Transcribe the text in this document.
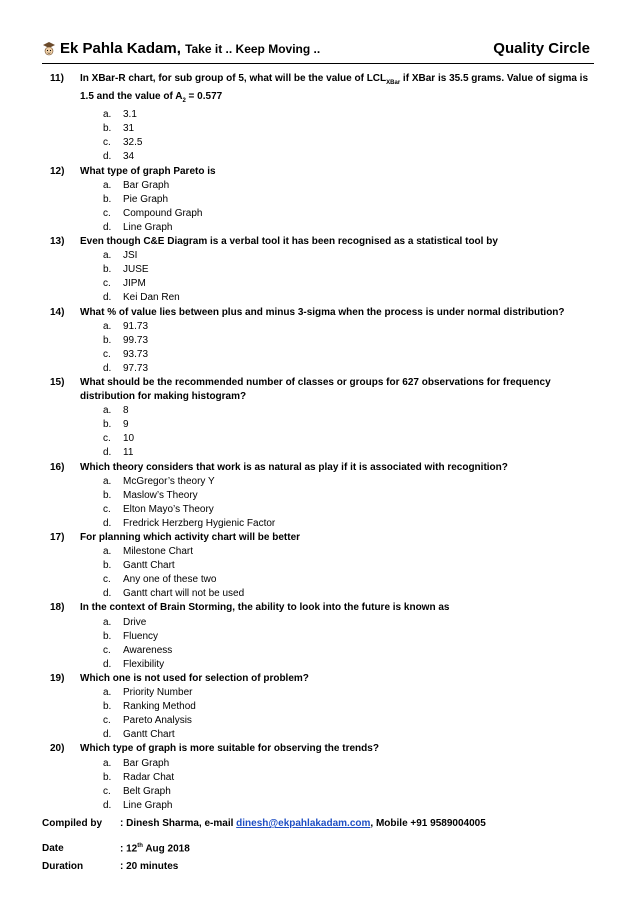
Ek Pahla Kadam, Take it .. Keep Moving ..	Quality Circle
11) In XBar-R chart, for sub group of 5, what will be the value of $LCL_{XBar}$ if XBar is 35.5 grams. Value of sigma is 1.5 and the value of $A_2 = 0.577$
a. 3.1
b. 31
c. 32.5
d. 34
12) What type of graph Pareto is
a. Bar Graph
b. Pie Graph
c. Compound Graph
d. Line Graph
13) Even though C&E Diagram is a verbal tool it has been recognised as a statistical tool by
a. JSI
b. JUSE
c. JIPM
d. Kei Dan Ren
14) What % of value lies between plus and minus 3-sigma when the process is under normal distribution?
a. 91.73
b. 99.73
c. 93.73
d. 97.73
15) What should be the recommended number of classes or groups for 627 observations for frequency distribution for making histogram?
a. 8
b. 9
c. 10
d. 11
16) Which theory considers that work is as natural as play if it is associated with recognition?
a. McGregor’s theory Y
b. Maslow’s Theory
c. Elton Mayo’s Theory
d. Fredrick Herzberg Hygienic Factor
17) For planning which activity chart will be better
a. Milestone Chart
b. Gantt Chart
c. Any one of these two
d. Gantt chart will not be used
18) In the context of Brain Storming, the ability to look into the future is known as
a. Drive
b. Fluency
c. Awareness
d. Flexibility
19) Which one is not used for selection of problem?
a. Priority Number
b. Ranking Method
c. Pareto Analysis
d. Gantt Chart
20) Which type of graph is more suitable for observing the trends?
a. Bar Graph
b. Radar Chat
c. Belt Graph
d. Line Graph
Compiled by : Dinesh Sharma, e-mail dinesh@ekpahlakadam.com, Mobile +91 9589004005
Date	: 12th Aug 2018
Duration	: 20 minutes
